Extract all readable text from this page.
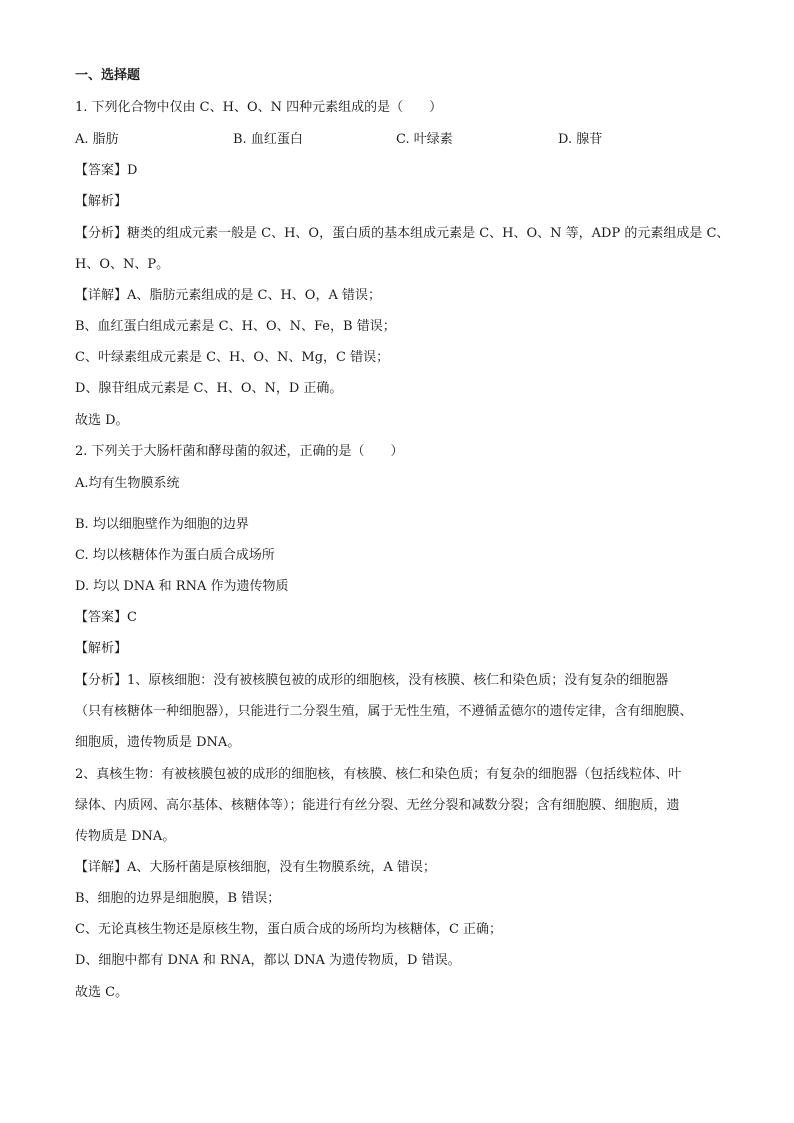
一、选择题
1. 下列化合物中仅由 C、H、O、N 四种元素组成的是（　　）
A. 脂肪	B. 血红蛋白	C. 叶绿素	D. 腺苷
【答案】D
【解析】
【分析】糖类的组成元素一般是 C、H、O，蛋白质的基本组成元素是 C、H、O、N 等，ADP 的元素组成是 C、
H、O、N、P。
【详解】A、脂肪元素组成的是 C、H、O，A 错误；
B、血红蛋白组成元素是 C、H、O、N、Fe，B 错误；
C、叶绿素组成元素是 C、H、O、N、Mg，C 错误；
D、腺苷组成元素是 C、H、O、N，D 正确。
故选 D。
2. 下列关于大肠杆菌和酵母菌的叙述，正确的是（　　）
A.均有生物膜系统
B. 均以细胞壁作为细胞的边界
C. 均以核糖体作为蛋白质合成场所
D. 均以 DNA 和 RNA 作为遗传物质
【答案】C
【解析】
【分析】1、原核细胞：没有被核膜包被的成形的细胞核，没有核膜、核仁和染色质；没有复杂的细胞器
（只有核糖体一种细胞器），只能进行二分裂生殖，属于无性生殖，不遵循孟德尔的遗传定律，含有细胞膜、
细胞质，遗传物质是 DNA。
2、真核生物：有被核膜包被的成形的细胞核，有核膜、核仁和染色质；有复杂的细胞器（包括线粒体、叶
绿体、内质网、高尔基体、核糖体等）；能进行有丝分裂、无丝分裂和减数分裂；含有细胞膜、细胞质，遗
传物质是 DNA。
【详解】A、大肠杆菌是原核细胞，没有生物膜系统，A 错误；
B、细胞的边界是细胞膜，B 错误；
C、无论真核生物还是原核生物，蛋白质合成的场所均为核糖体，C 正确；
D、细胞中都有 DNA 和 RNA，都以 DNA 为遗传物质，D 错误。
故选 C。
